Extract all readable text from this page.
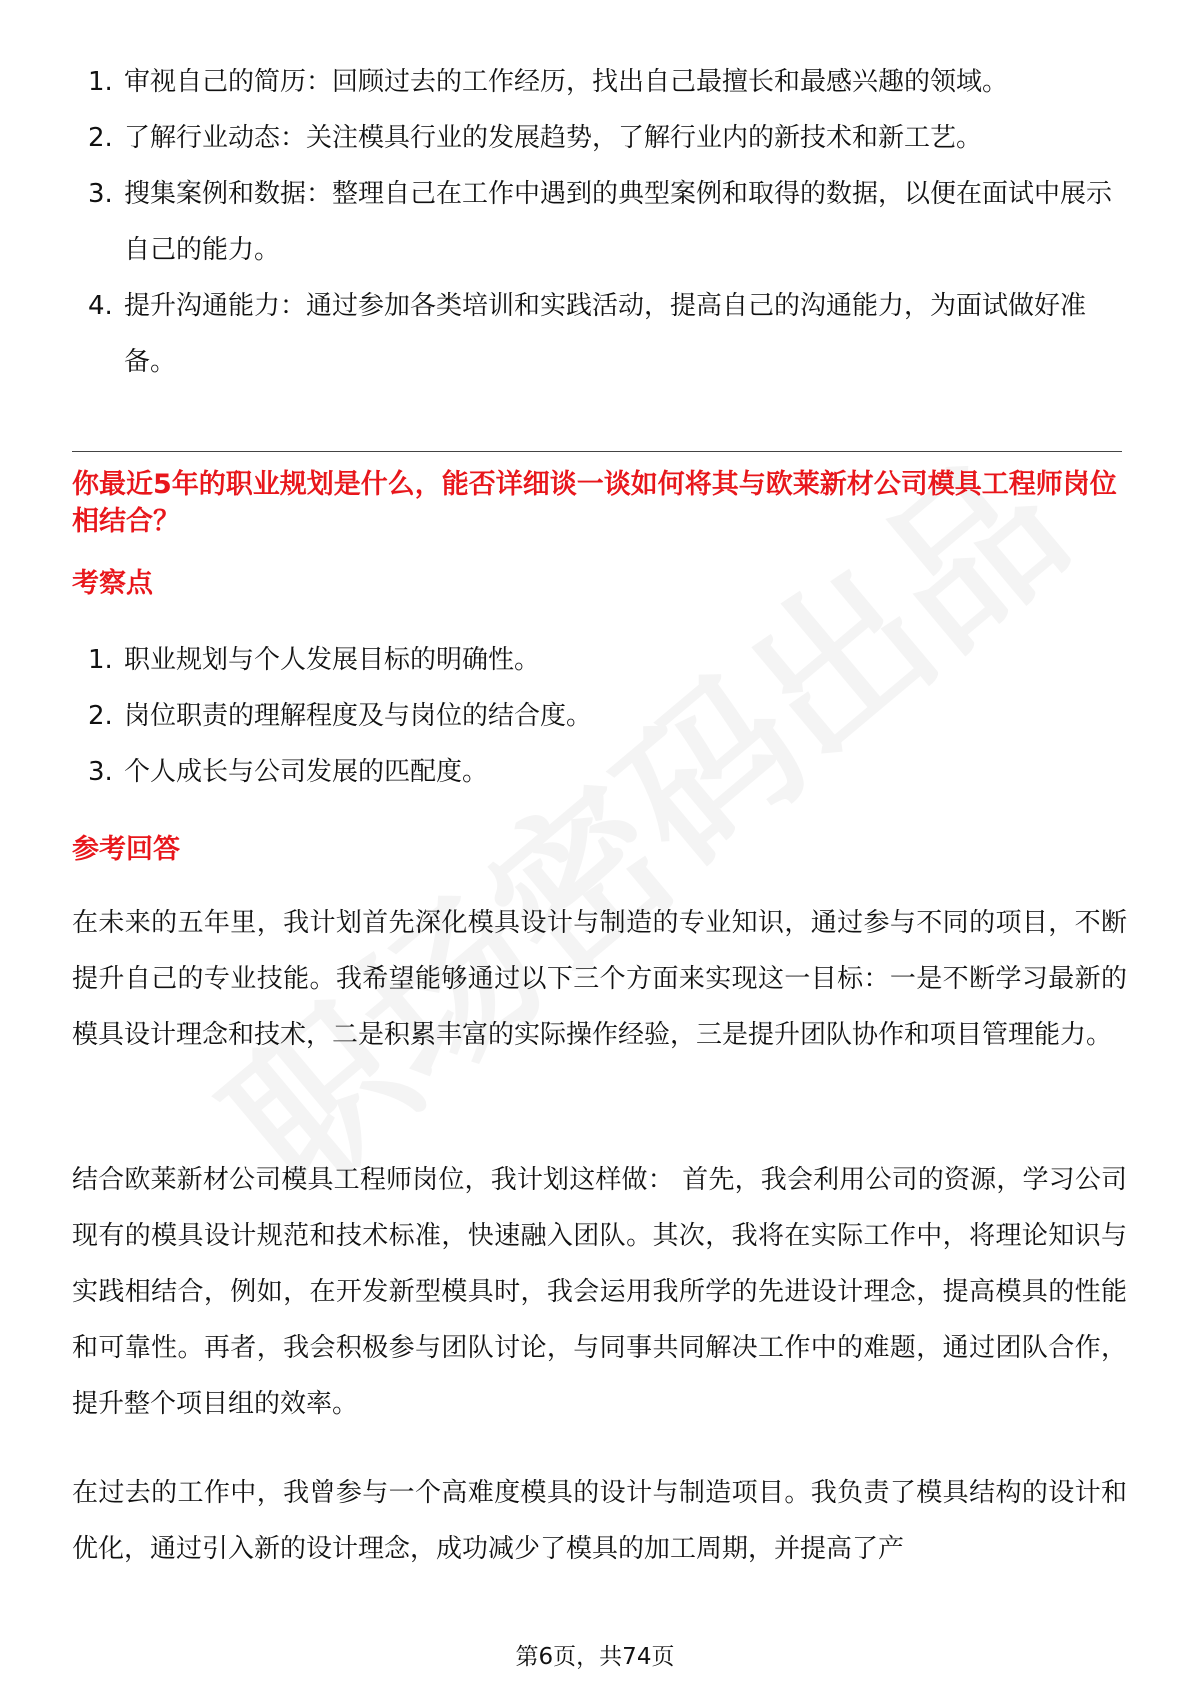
1. 审视自己的简历：回顾过去的工作经历，找出自己最擅长和最感兴趣的领域。
2. 了解行业动态：关注模具行业的发展趋势，了解行业内的新技术和新工艺。
3. 搜集案例和数据：整理自己在工作中遇到的典型案例和取得的数据，以便在面试中展示自己的能力。
4. 提升沟通能力：通过参加各类培训和实践活动，提高自己的沟通能力，为面试做好准备。
你最近5年的职业规划是什么，能否详细谈一谈如何将其与欧莱新材公司模具工程师岗位相结合？
考察点
1. 职业规划与个人发展目标的明确性。
2. 岗位职责的理解程度及与岗位的结合度。
3. 个人成长与公司发展的匹配度。
参考回答

在未来的五年里，我计划首先深化模具设计与制造的专业知识，通过参与不同的项目，不断提升自己的专业技能。我希望能够通过以下三个方面来实现这一目标：一是不断学习最新的模具设计理念和技术，二是积累丰富的实际操作经验，三是提升团队协作和项目管理能力。

结合欧莱新材公司模具工程师岗位，我计划这样做： 首先，我会利用公司的资源，学习公司现有的模具设计规范和技术标准，快速融入团队。其次，我将在实际工作中，将理论知识与实践相结合，例如，在开发新型模具时，我会运用我所学的先进设计理念，提高模具的性能和可靠性。再者，我会积极参与团队讨论，与同事共同解决工作中的难题，通过团队合作，提升整个项目组的效率。

在过去的工作中，我曾参与一个高难度模具的设计与制造项目。我负责了模具结构的设计和优化，通过引入新的设计理念，成功减少了模具的加工周期，并提高了产

第6页，共74页
